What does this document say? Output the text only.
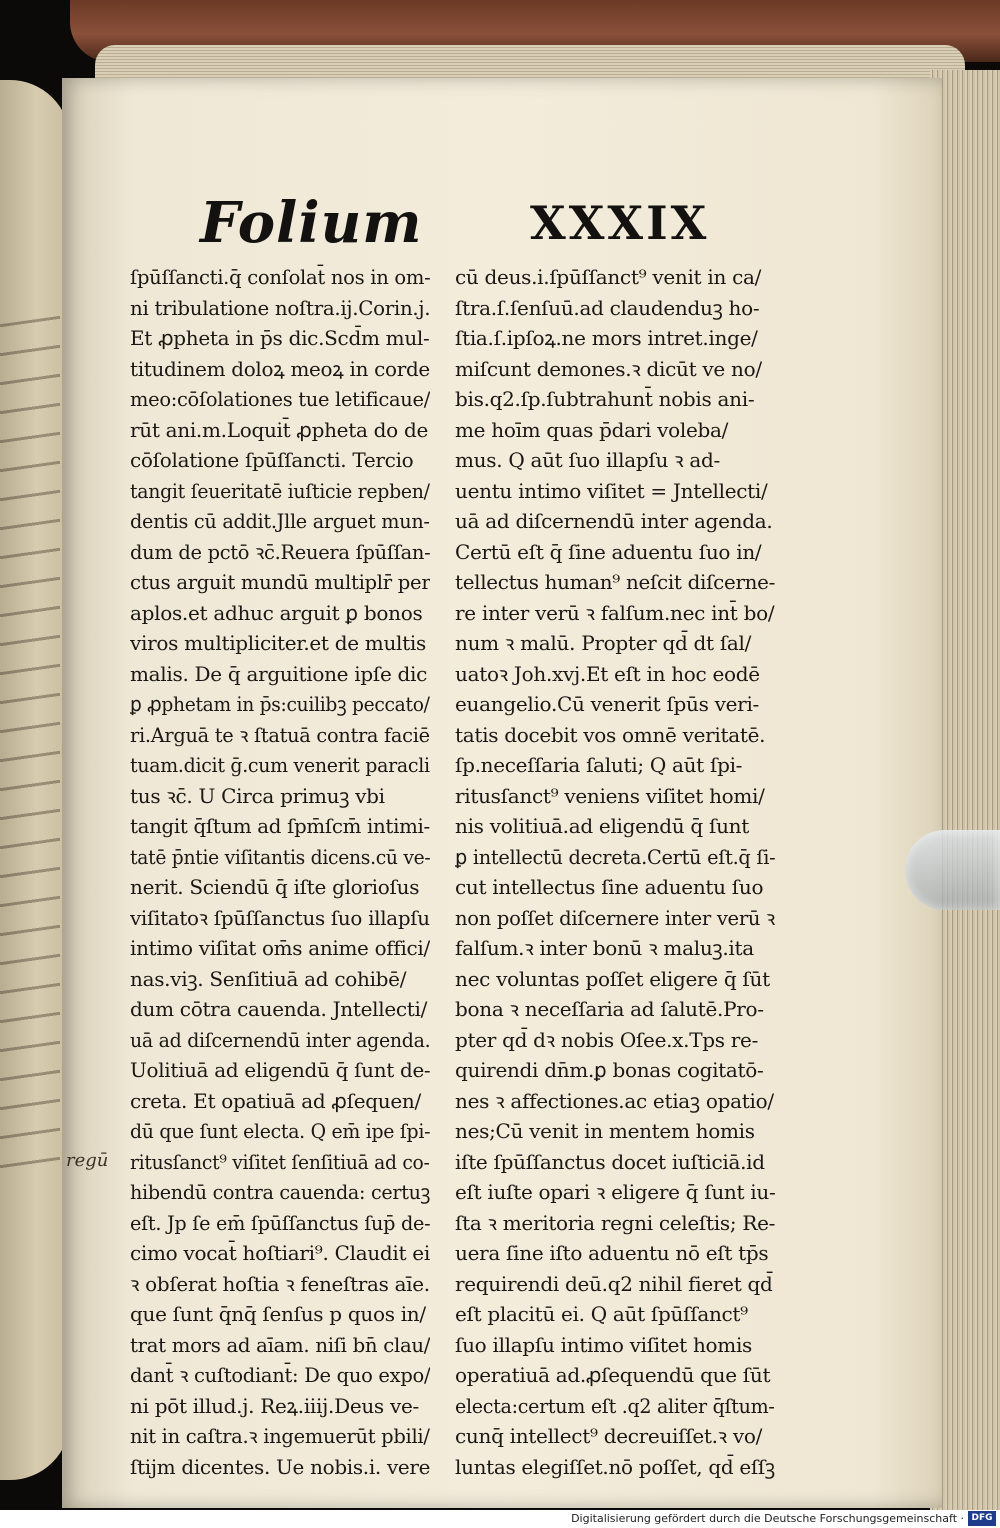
Folium XXXIX
ſpūſſancti.q̄ conſolat̄ nos in om-
ni tribulatione noſtra.ij.Corin.j.
Et ꝓpheta in p̄s dic.Scd̄m mul-
titudinem doloꝝ meoꝝ in corde
meo:cōſolationes tue letificaue/
rūt ani.m.Loquit̄ ꝓpheta do de
cōſolatione ſpūſſancti. Tercio
tangit ſeueritatē iuſticie repben/
dentis cū addit.Jlle arguet mun-
dum de pctō ꝛc̄.Reuera ſpūſſan-
ctus arguit mundū multiplr̄ per
aplos.et adhuc arguit ꝑ bonos
viros multipliciter.et de multis
malis. De q̄ arguitione ipſe dic
ꝑ ꝓphetam in p̄s:cuilibꝫ peccato/
ri.Arguā te ꝛ ſtatuā contra faciē
tuam.dicit ḡ.cum venerit paracli
tus ꝛc̄. U Circa primuꝫ vbi
tangit q̄ſtum ad ſpm̄ſcm̄ intimi-
tatē p̄ntie viſitantis dicens.cū ve-
nerit. Sciendū q̄ iſte glorioſus
viſitatoꝛ ſpūſſanctus ſuo illapſu
intimo viſitat om̄s anime offici/
nas.viꝫ. Senſitiuā ad cohibē/
dum cōtra cauenda. Jntellecti/
uā ad diſcernendū inter agenda.
Uolitiuā ad eligendū q̄ ſunt de-
creta. Et opatiuā ad ꝓſequen/
dū que ſunt electa. Q em̄ ipe ſpi-
ritusſanct⁹ viſitet ſenſitiuā ad co-
hibendū contra cauenda: certuꝫ
eſt. Jp ſe em̄ ſpūſſanctus ſup̄ de-
cimo vocat̄ hoſtiari⁹. Claudit ei
ꝛ obſerat hoſtia ꝛ feneſtras aīe.
que ſunt q̄nq̄ ſenſus p quos in/
trat mors ad aīam. niſi bn̄ clau/
dant̄ ꝛ cuſtodiant̄: De quo expo/
ni pōt illud.j. Reꝝ.iiij.Deus ve-
nit in caſtra.ꝛ ingemuerūt pbili/
ſtijm dicentes. Ue nobis.i. vere
cū deus.i.ſpūſſanct⁹ venit in ca/
ſtra.ſ.ſenſuū.ad claudenduꝫ ho-
ſtia.ſ.ipſoꝝ.ne mors intret.inge/
miſcunt demones.ꝛ dicūt ve no/
bis.q2.ſp.ſubtrahunt̄ nobis ani-
me hoīm quas p̄dari voleba/
mus. Q aūt ſuo illapſu ꝛ ad-
uentu intimo viſitet = Jntellecti/
uā ad diſcernendū inter agenda.
Certū eſt q̄ ſine aduentu ſuo in/
tellectus human⁹ neſcit diſcerne-
re inter verū ꝛ falſum.nec int̄ bo/
num ꝛ malū. Propter qd̄ dt ſal/
uatoꝛ Joh.xvj.Et eſt in hoc eodē
euangelio.Cū venerit ſpūs veri-
tatis docebit vos omnē veritatē.
ſp.neceſſaria ſaluti; Q aūt ſpi-
ritusſanct⁹ veniens viſitet homi/
nis volitiuā.ad eligendū q̄ ſunt
ꝑ intellectū decreta.Certū eſt.q̄ ſi-
cut intellectus ſine aduentu ſuo
non poſſet diſcernere inter verū ꝛ
falſum.ꝛ inter bonū ꝛ maluꝫ.ita
nec voluntas poſſet eligere q̄ ſūt
bona ꝛ neceſſaria ad ſalutē.Pro-
pter qd̄ dꝛ nobis Oſee.x.Tps re-
quirendi dn̄m.ꝑ bonas cogitatō-
nes ꝛ affectiones.ac etiaꝫ opatio/
nes;Cū venit in mentem homis
iſte ſpūſſanctus docet iuſticiā.id
eſt iuſte opari ꝛ eligere q̄ ſunt iu-
ſta ꝛ meritoria regni celeſtis; Re-
uera ſine iſto aduentu nō eſt tp̄s
requirendi deū.q2 nihil fieret qd̄
eſt placitū ei. Q aūt ſpūſſanct⁹
ſuo illapſu intimo viſitet homis
operatiuā ad.ꝓſequendū que ſūt
electa:certum eſt .q2 aliter q̄ſtum-
cunq̄ intellect⁹ decreuiſſet.ꝛ vo/
luntas elegiſſet.nō poſſet, qd̄ eſſꝫ
regū
Digitalisierung gefördert durch die Deutsche Forschungsgemeinschaft · DFG
